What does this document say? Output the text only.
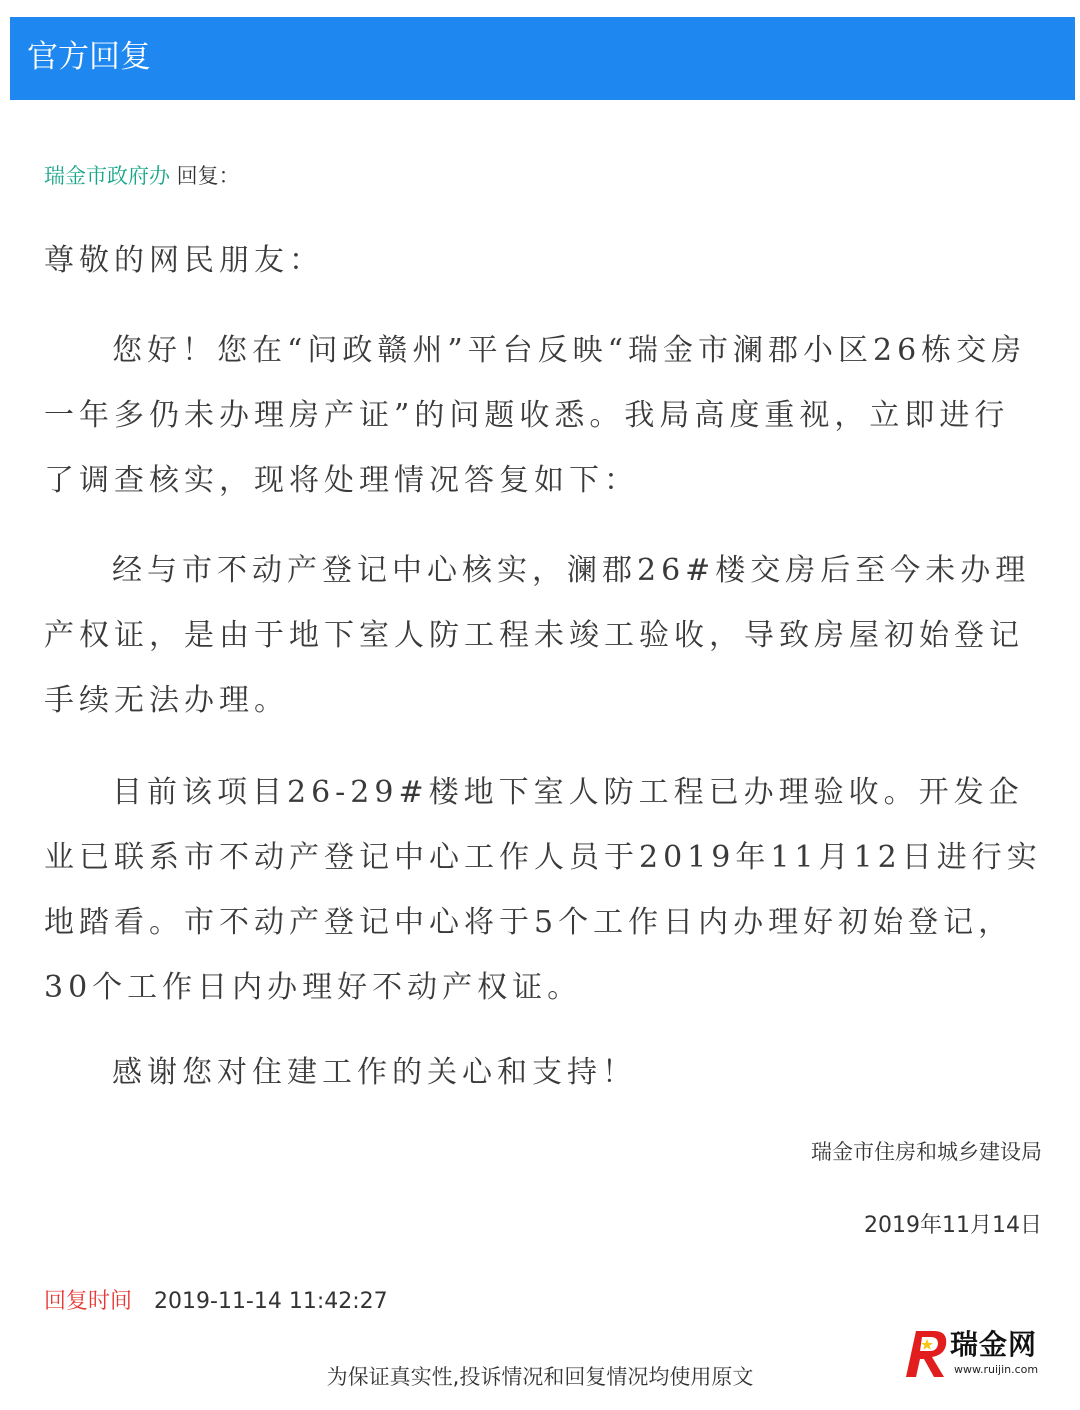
官方回复
瑞金市政府办 回复：

尊敬的网民朋友：

您好！您在“问政赣州”平台反映“瑞金市澜郡小区26栋交房一年多仍未办理房产证”的问题收悉。我局高度重视，立即进行了调查核实，现将处理情况答复如下：

经与市不动产登记中心核实，澜郡26#楼交房后至今未办理产权证，是由于地下室人防工程未竣工验收，导致房屋初始登记手续无法办理。

目前该项目26-29#楼地下室人防工程已办理验收。开发企业已联系市不动产登记中心工作人员于2019年11月12日进行实地踏看。市不动产登记中心将于5个工作日内办理好初始登记，30个工作日内办理好不动产权证。

感谢您对住建工作的关心和支持！

瑞金市住房和城乡建设局
2019年11月14日
回复时间 2019-11-14 11:42:27
为保证真实性,投诉情况和回复情况均使用原文
瑞金网
www.ruijin.com
